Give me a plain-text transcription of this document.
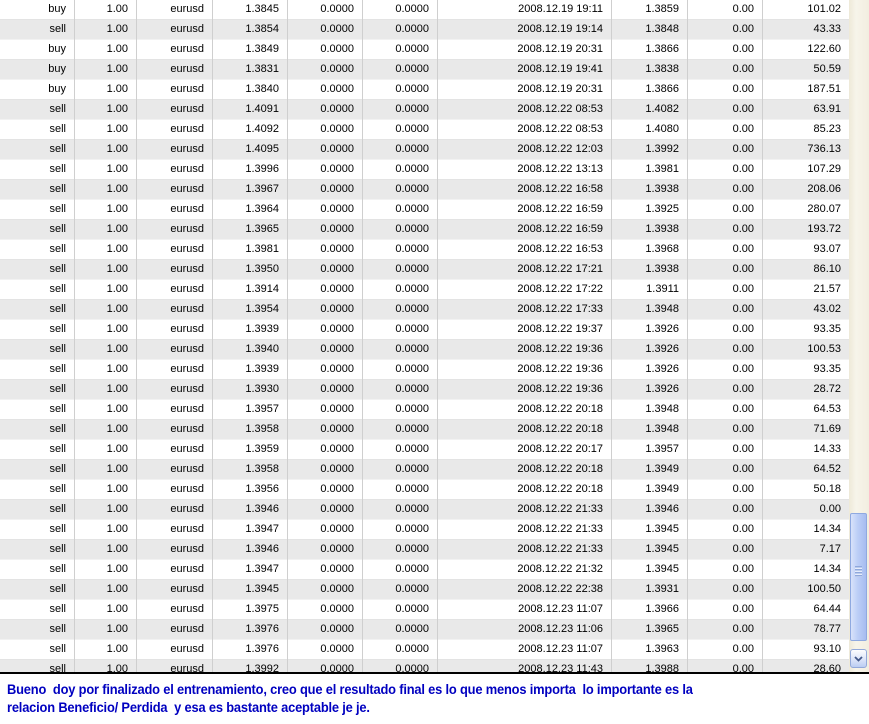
buy	1.00	eurusd	1.3845	0.0000	0.0000	2008.12.19 19:11	1.3859	0.00	101.02
sell	1.00	eurusd	1.3854	0.0000	0.0000	2008.12.19 19:14	1.3848	0.00	43.33
buy	1.00	eurusd	1.3849	0.0000	0.0000	2008.12.19 20:31	1.3866	0.00	122.60
buy	1.00	eurusd	1.3831	0.0000	0.0000	2008.12.19 19:41	1.3838	0.00	50.59
buy	1.00	eurusd	1.3840	0.0000	0.0000	2008.12.19 20:31	1.3866	0.00	187.51
sell	1.00	eurusd	1.4091	0.0000	0.0000	2008.12.22 08:53	1.4082	0.00	63.91
sell	1.00	eurusd	1.4092	0.0000	0.0000	2008.12.22 08:53	1.4080	0.00	85.23
sell	1.00	eurusd	1.4095	0.0000	0.0000	2008.12.22 12:03	1.3992	0.00	736.13
sell	1.00	eurusd	1.3996	0.0000	0.0000	2008.12.22 13:13	1.3981	0.00	107.29
sell	1.00	eurusd	1.3967	0.0000	0.0000	2008.12.22 16:58	1.3938	0.00	208.06
sell	1.00	eurusd	1.3964	0.0000	0.0000	2008.12.22 16:59	1.3925	0.00	280.07
sell	1.00	eurusd	1.3965	0.0000	0.0000	2008.12.22 16:59	1.3938	0.00	193.72
sell	1.00	eurusd	1.3981	0.0000	0.0000	2008.12.22 16:53	1.3968	0.00	93.07
sell	1.00	eurusd	1.3950	0.0000	0.0000	2008.12.22 17:21	1.3938	0.00	86.10
sell	1.00	eurusd	1.3914	0.0000	0.0000	2008.12.22 17:22	1.3911	0.00	21.57
sell	1.00	eurusd	1.3954	0.0000	0.0000	2008.12.22 17:33	1.3948	0.00	43.02
sell	1.00	eurusd	1.3939	0.0000	0.0000	2008.12.22 19:37	1.3926	0.00	93.35
sell	1.00	eurusd	1.3940	0.0000	0.0000	2008.12.22 19:36	1.3926	0.00	100.53
sell	1.00	eurusd	1.3939	0.0000	0.0000	2008.12.22 19:36	1.3926	0.00	93.35
sell	1.00	eurusd	1.3930	0.0000	0.0000	2008.12.22 19:36	1.3926	0.00	28.72
sell	1.00	eurusd	1.3957	0.0000	0.0000	2008.12.22 20:18	1.3948	0.00	64.53
sell	1.00	eurusd	1.3958	0.0000	0.0000	2008.12.22 20:18	1.3948	0.00	71.69
sell	1.00	eurusd	1.3959	0.0000	0.0000	2008.12.22 20:17	1.3957	0.00	14.33
sell	1.00	eurusd	1.3958	0.0000	0.0000	2008.12.22 20:18	1.3949	0.00	64.52
sell	1.00	eurusd	1.3956	0.0000	0.0000	2008.12.22 20:18	1.3949	0.00	50.18
sell	1.00	eurusd	1.3946	0.0000	0.0000	2008.12.22 21:33	1.3946	0.00	0.00
sell	1.00	eurusd	1.3947	0.0000	0.0000	2008.12.22 21:33	1.3945	0.00	14.34
sell	1.00	eurusd	1.3946	0.0000	0.0000	2008.12.22 21:33	1.3945	0.00	7.17
sell	1.00	eurusd	1.3947	0.0000	0.0000	2008.12.22 21:32	1.3945	0.00	14.34
sell	1.00	eurusd	1.3945	0.0000	0.0000	2008.12.22 22:38	1.3931	0.00	100.50
sell	1.00	eurusd	1.3975	0.0000	0.0000	2008.12.23 11:07	1.3966	0.00	64.44
sell	1.00	eurusd	1.3976	0.0000	0.0000	2008.12.23 11:06	1.3965	0.00	78.77
sell	1.00	eurusd	1.3976	0.0000	0.0000	2008.12.23 11:07	1.3963	0.00	93.10
sell	1.00	eurusd	1.3992	0.0000	0.0000	2008.12.23 11:43	1.3988	0.00	28.60
Bueno  doy por finalizado el entrenamiento, creo que el resultado final es lo que menos importa  lo importante es la
relacion Beneficio/ Perdida  y esa es bastante aceptable je je.
